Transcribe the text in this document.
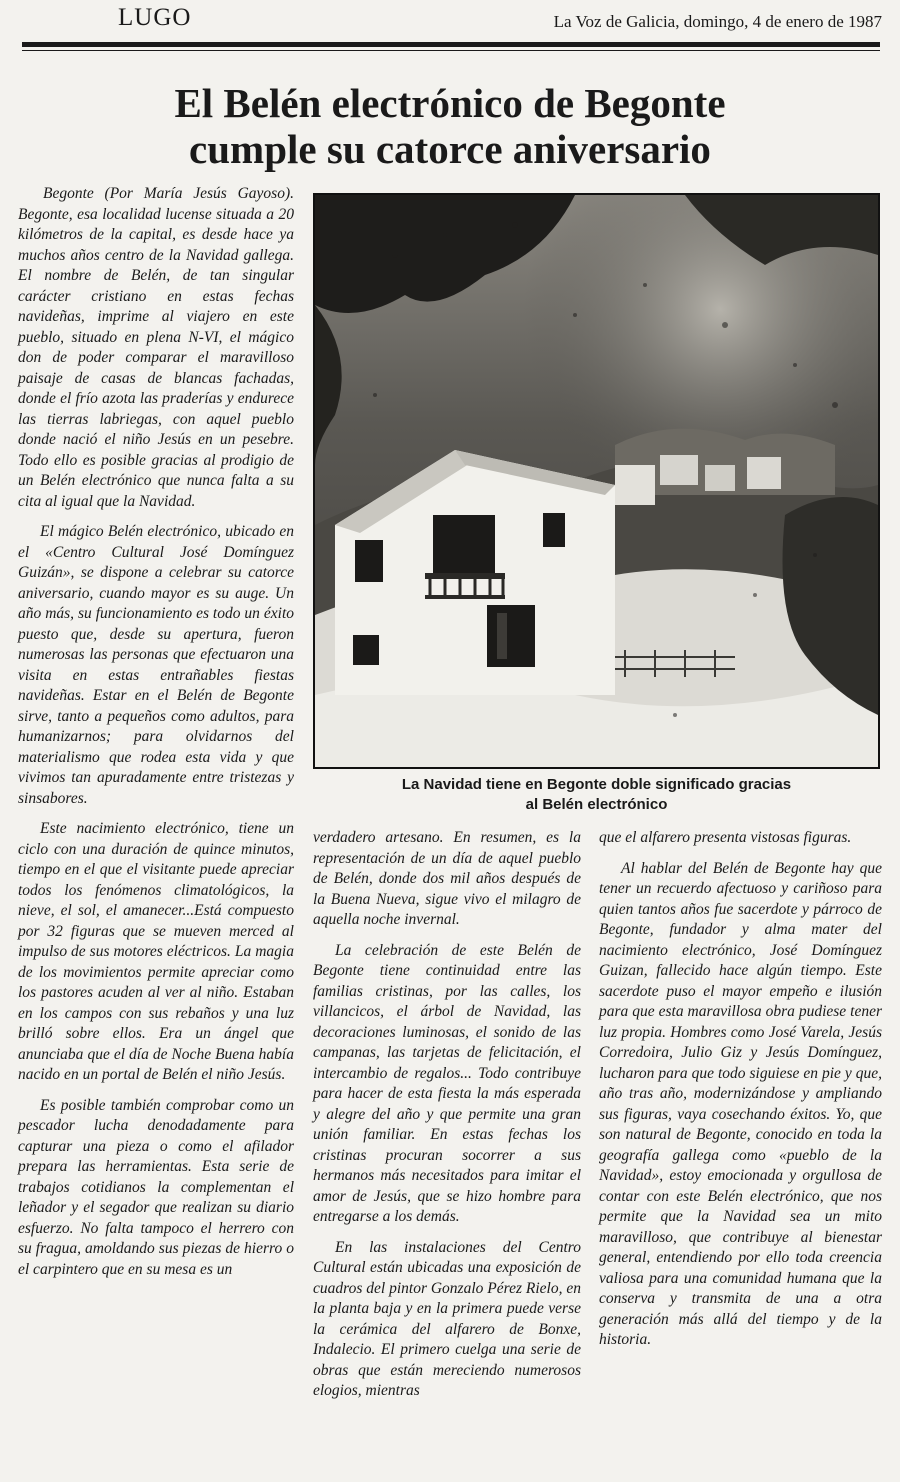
LUGO	La Voz de Galicia, domingo, 4 de enero de 1987
El Belén electrónico de Begonte
cumple su catorce aniversario

Begonte (Por María Jesús Gayoso). Begonte, esa localidad lucense situada a 20 kilómetros de la capital, es desde hace ya muchos años centro de la Navidad gallega. El nombre de Belén, de tan singular carácter cristiano en estas fechas navideñas, imprime al viajero en este pueblo, situado en plena N-VI, el mágico don de poder comparar el maravilloso paisaje de casas de blancas fachadas, donde el frío azota las praderías y endurece las tierras labriegas, con aquel pueblo donde nació el niño Jesús en un pesebre. Todo ello es posible gracias al prodigio de un Belén electrónico que nunca falta a su cita al igual que la Navidad.

El mágico Belén electrónico, ubicado en el «Centro Cultural José Domínguez Guizán», se dispone a celebrar su catorce aniversario, cuando mayor es su auge. Un año más, su funcionamiento es todo un éxito puesto que, desde su apertura, fueron numerosas las personas que efectuaron una visita en estas entrañables fiestas navideñas. Estar en el Belén de Begonte sirve, tanto a pequeños como adultos, para humanizarnos; para olvidarnos del materialismo que rodea esta vida y que vivimos tan apuradamente entre tristezas y sinsabores.

Este nacimiento electrónico, tiene un ciclo con una duración de quince minutos, tiempo en el que el visitante puede apreciar todos los fenómenos climatológicos, la nieve, el sol, el amanecer...Está compuesto por 32 figuras que se mueven merced al impulso de sus motores eléctricos. La magia de los movimientos permite apreciar como los pastores acuden al ver al niño. Estaban en los campos con sus rebaños y una luz brilló sobre ellos. Era un ángel que anunciaba que el día de Noche Buena había nacido en un portal de Belén el niño Jesús.

Es posible también comprobar como un pescador lucha denodadamente para capturar una pieza o como el afilador prepara las herramientas. Esta serie de trabajos cotidianos la complementan el leñador y el segador que realizan su diario esfuerzo. No falta tampoco el herrero con su fragua, amoldando sus piezas de hierro o el carpintero que en su mesa es un

La Navidad tiene en Begonte doble significado gracias
al Belén electrónico

verdadero artesano. En resumen, es la representación de un día de aquel pueblo de Belén, donde dos mil años después de la Buena Nueva, sigue vivo el milagro de aquella noche invernal.

La celebración de este Belén de Begonte tiene continuidad entre las familias cristinas, por las calles, los villancicos, el árbol de Navidad, las decoraciones luminosas, el sonido de las campanas, las tarjetas de felicitación, el intercambio de regalos... Todo contribuye para hacer de esta fiesta la más esperada y alegre del año y que permite una gran unión familiar. En estas fechas los cristinas procuran socorrer a sus hermanos más necesitados para imitar el amor de Jesús, que se hizo hombre para entregarse a los demás.

En las instalaciones del Centro Cultural están ubicadas una exposición de cuadros del pintor Gonzalo Pérez Rielo, en la planta baja y en la primera puede verse la cerámica del alfarero de Bonxe, Indalecio. El primero cuelga una serie de obras que están mereciendo numerosos elogios, mientras

que el alfarero presenta vistosas figuras.

Al hablar del Belén de Begonte hay que tener un recuerdo afectuoso y cariñoso para quien tantos años fue sacerdote y párroco de Begonte, fundador y alma mater del nacimiento electrónico, José Domínguez Guizan, fallecido hace algún tiempo. Este sacerdote puso el mayor empeño e ilusión para que esta maravillosa obra pudiese tener luz propia. Hombres como José Varela, Jesús Corredoira, Julio Giz y Jesús Domínguez, lucharon para que todo siguiese en pie y que, año tras año, modernizándose y ampliando sus figuras, vaya cosechando éxitos. Yo, que son natural de Begonte, conocido en toda la geografía gallega como «pueblo de la Navidad», estoy emocionada y orgullosa de contar con este Belén electrónico, que nos permite que la Navidad sea un mito maravilloso, que contribuye al bienestar general, entendiendo por ello toda creencia valiosa para una comunidad humana que la conserva y transmita de una a otra generación más allá del tiempo y de la historia.
